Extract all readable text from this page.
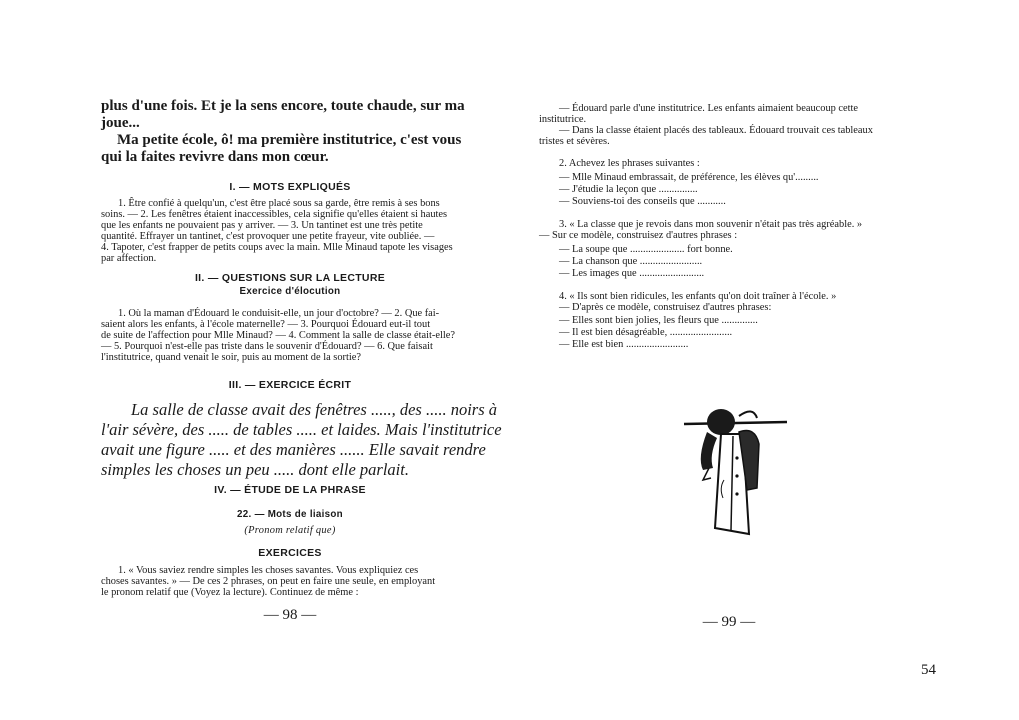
plus d'une fois. Et je la sens encore, toute chaude, sur ma
joue...
Ma petite école, ô! ma première institutrice, c'est vous
qui la faites revivre dans mon cœur.
I. — MOTS EXPLIQUÉS
1. Être confié à quelqu'un, c'est être placé sous sa garde, être remis à ses bons
soins. — 2. Les fenêtres étaient inaccessibles, cela signifie qu'elles étaient si hautes
que les enfants ne pouvaient pas y arriver. — 3. Un tantinet est une très petite
quantité. Effrayer un tantinet, c'est provoquer une petite frayeur, vite oubliée. —
4. Tapoter, c'est frapper de petits coups avec la main. Mlle Minaud tapote les visages
par affection.
II. — QUESTIONS SUR LA LECTURE
Exercice d'élocution
1. Où la maman d'Édouard le conduisit-elle, un jour d'octobre? — 2. Que fai-
saient alors les enfants, à l'école maternelle? — 3. Pourquoi Édouard eut-il tout
de suite de l'affection pour Mlle Minaud? — 4. Comment la salle de classe était-elle?
— 5. Pourquoi n'est-elle pas triste dans le souvenir d'Édouard? — 6. Que faisait
l'institutrice, quand venait le soir, puis au moment de la sortie?
III. — EXERCICE ÉCRIT
La salle de classe avait des fenêtres ....., des ..... noirs à
l'air sévère, des ..... de tables ..... et laides. Mais l'institutrice
avait une figure ..... et des manières ...... Elle savait rendre
simples les choses un peu ..... dont elle parlait.
IV. — ÉTUDE DE LA PHRASE
22. — Mots de liaison
(Pronom relatif que)
EXERCICES
1. « Vous saviez rendre simples les choses savantes. Vous expliquiez ces
choses savantes. » — De ces 2 phrases, on peut en faire une seule, en employant
le pronom relatif que (Voyez la lecture). Continuez de même :
— 98 —
— Édouard parle d'une institutrice. Les enfants aimaient beaucoup cette
institutrice.
— Dans la classe étaient placés des tableaux. Édouard trouvait ces tableaux
tristes et sévères.
2. Achevez les phrases suivantes :
— Mlle Minaud embrassait, de préférence, les élèves qu'.........
— J'étudie la leçon que ...............
— Souviens-toi des conseils que ...........
3. « La classe que je revois dans mon souvenir n'était pas très agréable. »
— Sur ce modèle, construisez d'autres phrases :
— La soupe que ..................... fort bonne.
— La chanson que ........................
— Les images que .........................
4. « Ils sont bien ridicules, les enfants qu'on doit traîner à l'école. »
— D'après ce modèle, construisez d'autres phrases:
— Elles sont bien jolies, les fleurs que ..............
— Il est bien désagréable, ........................
— Elle est bien ........................
— 99 —
54
